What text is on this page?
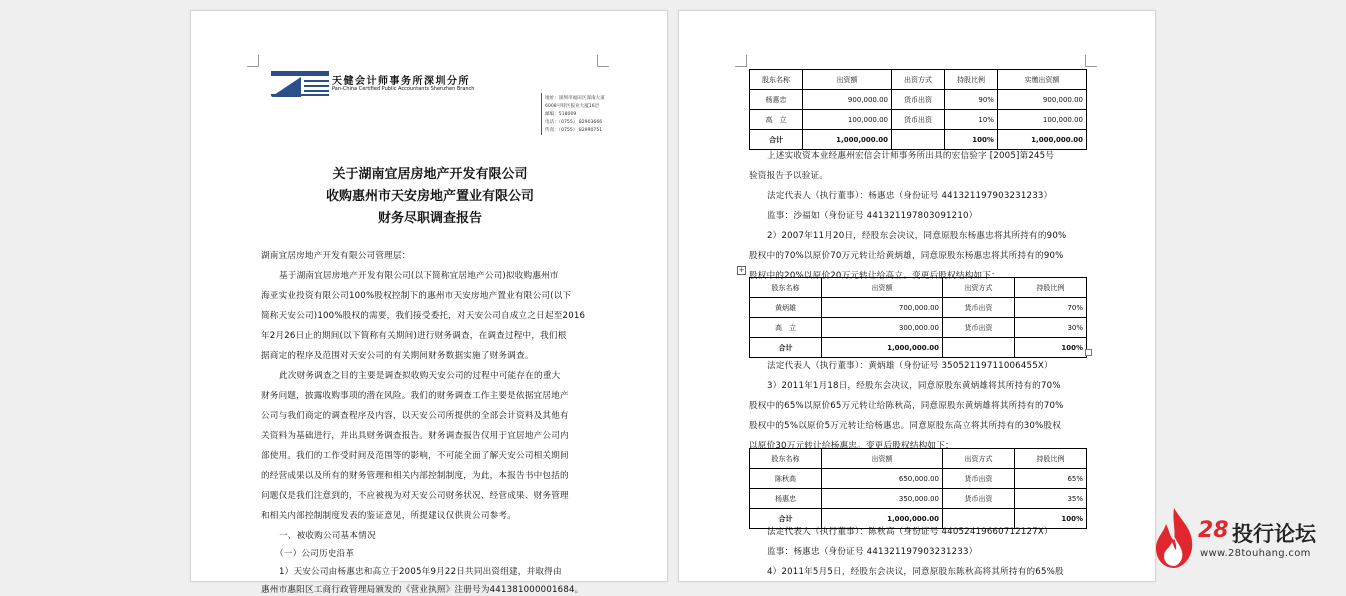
天健会计师事务所深圳分所
Pan-China Certified Public Accountants Shenzhen Branch
地址：深圳市福田区深南大道
6008号特区报业大厦16层
邮编：518009
电话：（0755） 82903666
传真：（0755） 82990751
关于湖南宜居房地产开发有限公司
收购惠州市天安房地产置业有限公司
财务尽职调查报告
湖南宜居房地产开发有限公司管理层：
基于湖南宜居房地产开发有限公司(以下简称宜居地产公司)拟收购惠州市
海亚实业投资有限公司100%股权控制下的惠州市天安房地产置业有限公司(以下
简称天安公司)100%股权的需要，我们接受委托，对天安公司自成立之日起至2016
年2月26日止的期间(以下简称有关期间)进行财务调查，在调查过程中，我们根
据商定的程序及范围对天安公司的有关期间财务数据实施了财务调查。
此次财务调查之目的主要是调查拟收购天安公司的过程中可能存在的重大
财务问题，披露收购事项的潜在风险。我们的财务调查工作主要是依据宜居地产
公司与我们商定的调查程序及内容，以天安公司所提供的全部会计资料及其他有
关资料为基础进行，并出具财务调查报告。财务调查报告仅用于宜居地产公司内
部使用。我们的工作受时间及范围等的影响，不可能全面了解天安公司相关期间
的经营成果以及所有的财务管理和相关内部控制制度，为此，本报告书中包括的
问题仅是我们注意到的，不应被视为对天安公司财务状况、经营成果、财务管理
和相关内部控制制度发表的鉴证意见，所提建议仅供贵公司参考。
一、被收购公司基本情况
（一）公司历史沿革
1）天安公司由杨惠忠和高立于2005年9月22日共同出资组建，并取得由
惠州市惠阳区工商行政管理局颁发的《营业执照》注册号为441381000001684。
股东名称	出资额	出资方式	持股比例	实缴出资额
杨惠忠	900,000.00	货币出资	90%	900,000.00
高　立	100,000.00	货币出资	10%	100,000.00
合计	1,000,000.00		100%	1,000,000.00
上述实收资本业经惠州宏信会计师事务所出具的宏信验字 [2005]第245号
验资报告予以验证。
法定代表人（执行董事）：杨惠忠（身份证号 441321197903231233）
监事：沙福如（身份证号 441321197803091210）
2）2007年11月20日，经股东会决议，同意原股东杨惠忠将其所持有的90%
股权中的70%以原价70万元转让给黄炳雄，同意原股东杨惠忠将其所持有的90%
股权中的20%以原价20万元转让给高立。变更后股权结构如下：
+
股东名称	出资额	出资方式	持股比例
黄炳雄	700,000.00	货币出资	70%
高　立	300,000.00	货币出资	30%
合计	1,000,000.00		100%
法定代表人（执行董事）：黄炳雄（身份证号 35052119711006455X）
3）2011年1月18日，经股东会决议，同意原股东黄炳雄将其所持有的70%
股权中的65%以原价65万元转让给陈秋高，同意原股东黄炳雄将其所持有的70%
股权中的5%以原价5万元转让给杨惠忠。同意原股东高立将其所持有的30%股权
以原价30万元转让给杨惠忠。变更后股权结构如下：
股东名称	出资额	出资方式	持股比例
陈秋高	650,000.00	货币出资	65%
杨惠忠	350,000.00	货币出资	35%
合计	1,000,000.00		100%
法定代表人（执行董事）：陈秋高（身份证号 440524196607121​27X）
监事：杨惠忠（身份证号 441321197903231233）
4）2011年5月5日，经股东会决议，同意原股东陈秋高将其所持有的65%股
28 投行论坛
www.28touhang.com
